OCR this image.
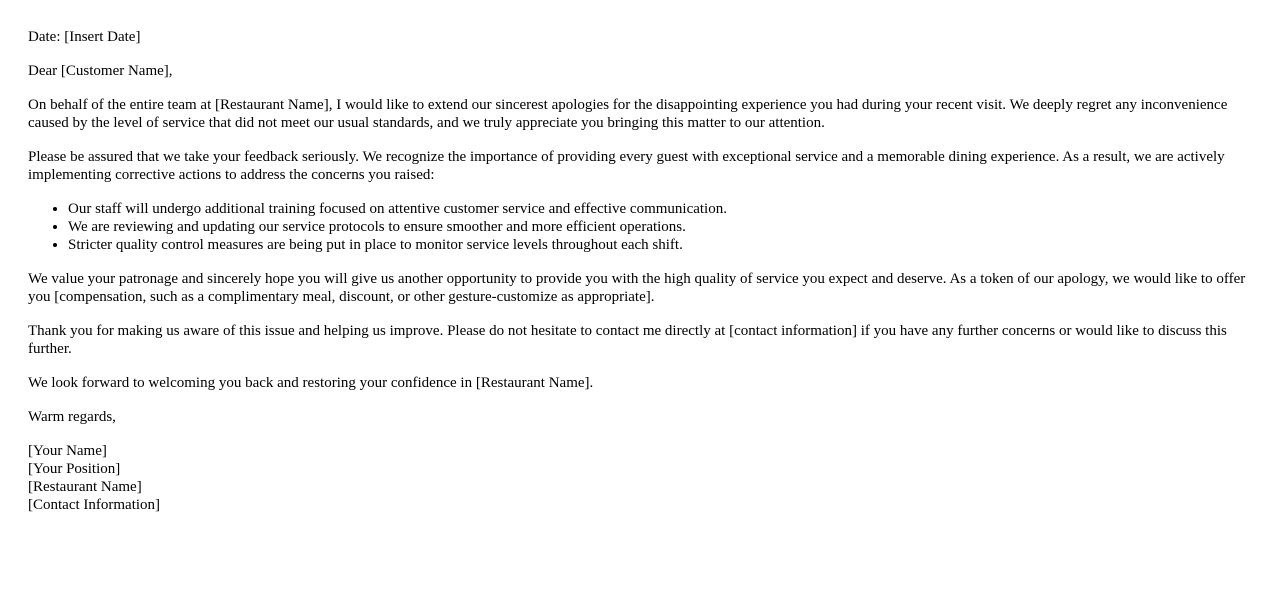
Date: [Insert Date]

Dear [Customer Name],

On behalf of the entire team at [Restaurant Name], I would like to extend our sincerest apologies for the disappointing experience you had during your recent visit. We deeply regret any inconvenience caused by the level of service that did not meet our usual standards, and we truly appreciate you bringing this matter to our attention.

Please be assured that we take your feedback seriously. We recognize the importance of providing every guest with exceptional service and a memorable dining experience. As a result, we are actively implementing corrective actions to address the concerns you raised:

• Our staff will undergo additional training focused on attentive customer service and effective communication.
• We are reviewing and updating our service protocols to ensure smoother and more efficient operations.
• Stricter quality control measures are being put in place to monitor service levels throughout each shift.

We value your patronage and sincerely hope you will give us another opportunity to provide you with the high quality of service you expect and deserve. As a token of our apology, we would like to offer you [compensation, such as a complimentary meal, discount, or other gesture-customize as appropriate].

Thank you for making us aware of this issue and helping us improve. Please do not hesitate to contact me directly at [contact information] if you have any further concerns or would like to discuss this further.

We look forward to welcoming you back and restoring your confidence in [Restaurant Name].

Warm regards,

[Your Name]
[Your Position]
[Restaurant Name]
[Contact Information]
